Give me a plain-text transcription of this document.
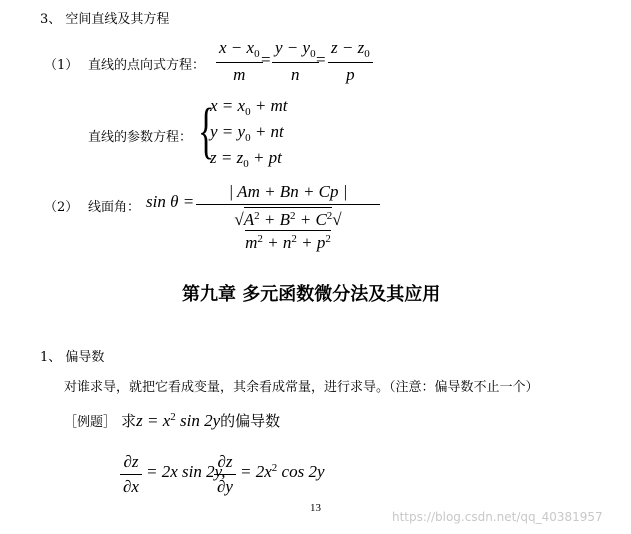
3、 空间直线及其方程
（1） 直线的点向式方程： $\frac{x - x_0}{m}$
= $\frac{y - y_0}{n}$
= $\frac{z - z_0}{p}$
直线的参数方程： {
$x = x_0$ + mt
$y = y_0$ + nt
$z = z_0$ + pt
（2） 线面角： $\sin \theta = \frac{| Am + Bn + Cp |}{√A^2 + B^2 + C^2√m^2 + n^2 + p^2}$
第九章 多元函数微分法及其应用
1、 偏导数
对谁求导，就把它看成变量，其余看成常量，进行求导。（注意：偏导数不止一个）
［例题］ 求$z = x^2$ sin 2y的偏导数
$\frac{\partial z}{\partial x} = 2x$ sin 2y,
$\frac{\partial z}{\partial y} = 2x^2$ cos 2y
13
https://blog.csdn.net/qq_40381957
